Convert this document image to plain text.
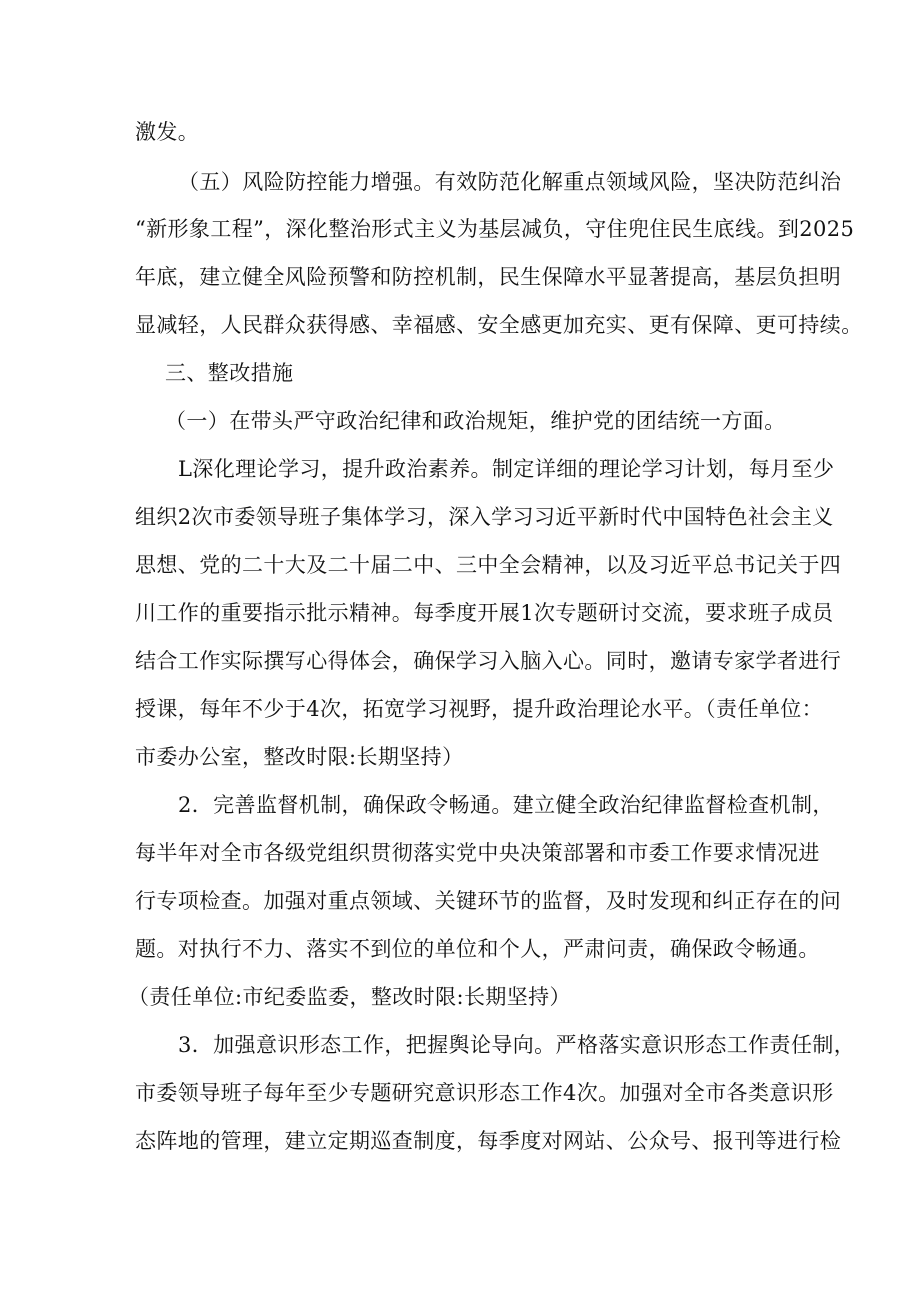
激发。
（五）风险防控能力增强。有效防范化解重点领域风险，坚决防范纠治
“新形象工程”，深化整治形式主义为基层减负，守住兜住民生底线。到2025
年底，建立健全风险预警和防控机制，民生保障水平显著提高，基层负担明
显减轻，人民群众获得感、幸福感、安全感更加充实、更有保障、更可持续。
三、整改措施
（一）在带头严守政治纪律和政治规矩，维护党的团结统一方面。
L深化理论学习，提升政治素养。制定详细的理论学习计划，每月至少
组织2次市委领导班子集体学习，深入学习习近平新时代中国特色社会主义
思想、党的二十大及二十届二中、三中全会精神，以及习近平总书记关于四
川工作的重要指示批示精神。每季度开展1次专题研讨交流，要求班子成员
结合工作实际撰写心得体会，确保学习入脑入心。同时，邀请专家学者进行
授课，每年不少于4次，拓宽学习视野，提升政治理论水平。（责任单位：
市委办公室，整改时限:长期坚持）
2．完善监督机制，确保政令畅通。建立健全政治纪律监督检查机制，
每半年对全市各级党组织贯彻落实党中央决策部署和市委工作要求情况进
行专项检查。加强对重点领域、关键环节的监督，及时发现和纠正存在的问
题。对执行不力、落实不到位的单位和个人，严肃问责，确保政令畅通。
（责任单位:市纪委监委，整改时限:长期坚持）
3．加强意识形态工作，把握舆论导向。严格落实意识形态工作责任制，
市委领导班子每年至少专题研究意识形态工作4次。加强对全市各类意识形
态阵地的管理，建立定期巡查制度，每季度对网站、公众号、报刊等进行检
